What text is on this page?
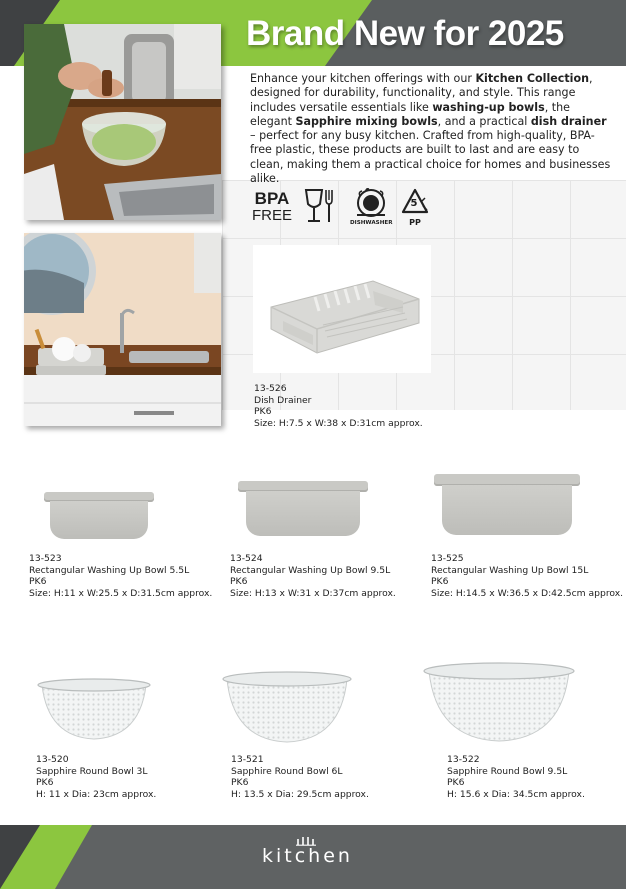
Brand New for 2025
Enhance your kitchen offerings with our Kitchen Collection, designed for durability, functionality, and style. This range includes versatile essentials like washing-up bowls, the elegant Sapphire mixing bowls, and a practical dish drainer – perfect for any busy kitchen. Crafted from high-quality, BPA-free plastic, these products are built to last and are easy to clean, making them a practical choice for homes and businesses alike.
BPA
FREE	DISHWASHER
5
PP
13-526
Dish Drainer
PK6
Size: H:7.5 x W:38 x D:31cm approx.
13-523
Rectangular Washing Up Bowl 5.5L
PK6
Size: H:11 x W:25.5 x D:31.5cm approx.
13-524
Rectangular Washing Up Bowl 9.5L
PK6
Size: H:13 x W:31 x D:37cm approx.
13-525
Rectangular Washing Up Bowl 15L
PK6
Size: H:14.5 x W:36.5 x D:42.5cm approx.
13-520
Sapphire Round Bowl 3L
PK6
H: 11 x Dia: 23cm approx.
13-521
Sapphire Round Bowl 6L
PK6
H: 13.5 x Dia: 29.5cm approx.
13-522
Sapphire Round Bowl 9.5L
PK6
H: 15.6 x Dia: 34.5cm approx.
kitchen
